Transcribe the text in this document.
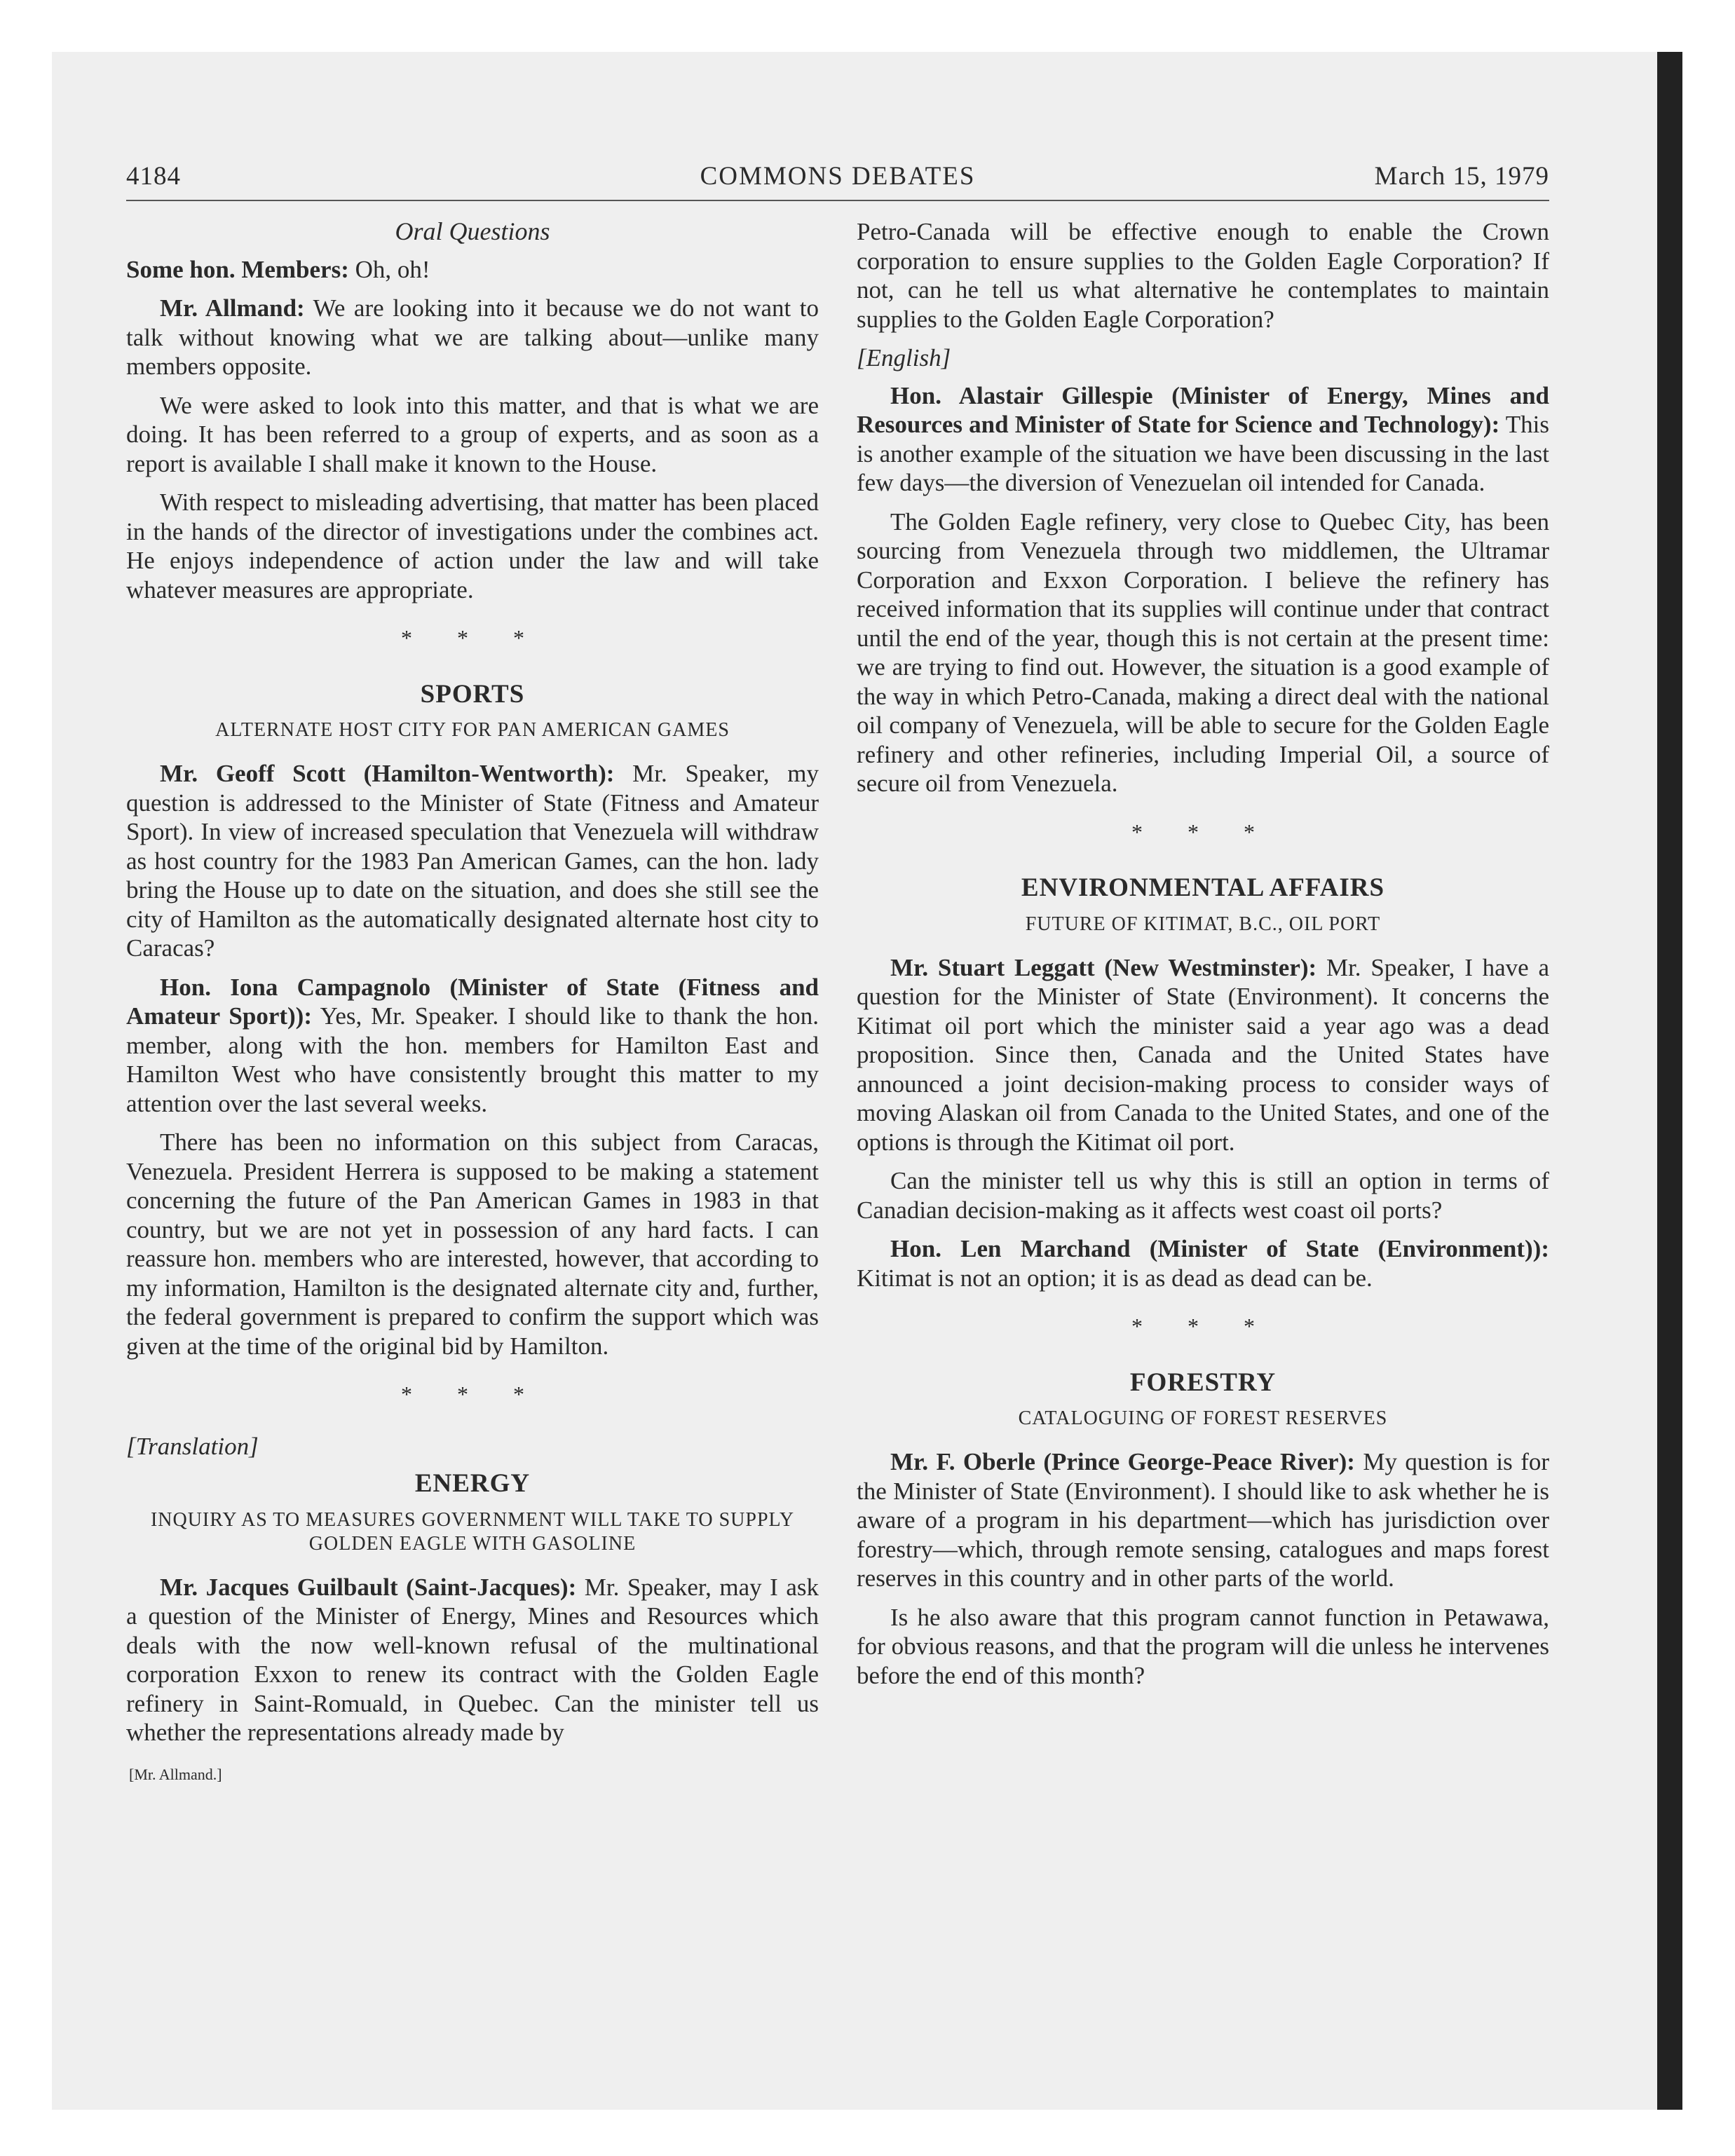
4184	COMMONS DEBATES	March 15, 1979
Oral Questions

Some hon. Members: Oh, oh!

Mr. Allmand: We are looking into it because we do not want to talk without knowing what we are talking about—unlike many members opposite.

We were asked to look into this matter, and that is what we are doing. It has been referred to a group of experts, and as soon as a report is available I shall make it known to the House.

With respect to misleading advertising, that matter has been placed in the hands of the director of investigations under the combines act. He enjoys independence of action under the law and will take whatever measures are appropriate.

* * *
SPORTS
ALTERNATE HOST CITY FOR PAN AMERICAN GAMES

Mr. Geoff Scott (Hamilton-Wentworth): Mr. Speaker, my question is addressed to the Minister of State (Fitness and Amateur Sport). In view of increased speculation that Venezuela will withdraw as host country for the 1983 Pan American Games, can the hon. lady bring the House up to date on the situation, and does she still see the city of Hamilton as the automatically designated alternate host city to Caracas?

Hon. Iona Campagnolo (Minister of State (Fitness and Amateur Sport)): Yes, Mr. Speaker. I should like to thank the hon. member, along with the hon. members for Hamilton East and Hamilton West who have consistently brought this matter to my attention over the last several weeks.

There has been no information on this subject from Caracas, Venezuela. President Herrera is supposed to be making a statement concerning the future of the Pan American Games in 1983 in that country, but we are not yet in possession of any hard facts. I can reassure hon. members who are interested, however, that according to my information, Hamilton is the designated alternate city and, further, the federal government is prepared to confirm the support which was given at the time of the original bid by Hamilton.

* * *
[Translation]
ENERGY
INQUIRY AS TO MEASURES GOVERNMENT WILL TAKE TO SUPPLY GOLDEN EAGLE WITH GASOLINE

Mr. Jacques Guilbault (Saint-Jacques): Mr. Speaker, may I ask a question of the Minister of Energy, Mines and Resources which deals with the now well-known refusal of the multinational corporation Exxon to renew its contract with the Golden Eagle refinery in Saint-Romuald, in Quebec. Can the minister tell us whether the representations already made by

[Mr. Allmand.]

Petro-Canada will be effective enough to enable the Crown corporation to ensure supplies to the Golden Eagle Corporation? If not, can he tell us what alternative he contemplates to maintain supplies to the Golden Eagle Corporation?

[English]

Hon. Alastair Gillespie (Minister of Energy, Mines and Resources and Minister of State for Science and Technology): This is another example of the situation we have been discussing in the last few days—the diversion of Venezuelan oil intended for Canada.

The Golden Eagle refinery, very close to Quebec City, has been sourcing from Venezuela through two middlemen, the Ultramar Corporation and Exxon Corporation. I believe the refinery has received information that its supplies will continue under that contract until the end of the year, though this is not certain at the present time: we are trying to find out. However, the situation is a good example of the way in which Petro-Canada, making a direct deal with the national oil company of Venezuela, will be able to secure for the Golden Eagle refinery and other refineries, including Imperial Oil, a source of secure oil from Venezuela.

* * *
ENVIRONMENTAL AFFAIRS
FUTURE OF KITIMAT, B.C., OIL PORT

Mr. Stuart Leggatt (New Westminster): Mr. Speaker, I have a question for the Minister of State (Environment). It concerns the Kitimat oil port which the minister said a year ago was a dead proposition. Since then, Canada and the United States have announced a joint decision-making process to consider ways of moving Alaskan oil from Canada to the United States, and one of the options is through the Kitimat oil port.

Can the minister tell us why this is still an option in terms of Canadian decision-making as it affects west coast oil ports?

Hon. Len Marchand (Minister of State (Environment)): Kitimat is not an option; it is as dead as dead can be.

* * *
FORESTRY
CATALOGUING OF FOREST RESERVES

Mr. F. Oberle (Prince George-Peace River): My question is for the Minister of State (Environment). I should like to ask whether he is aware of a program in his department—which has jurisdiction over forestry—which, through remote sensing, catalogues and maps forest reserves in this country and in other parts of the world.

Is he also aware that this program cannot function in Petawawa, for obvious reasons, and that the program will die unless he intervenes before the end of this month?
